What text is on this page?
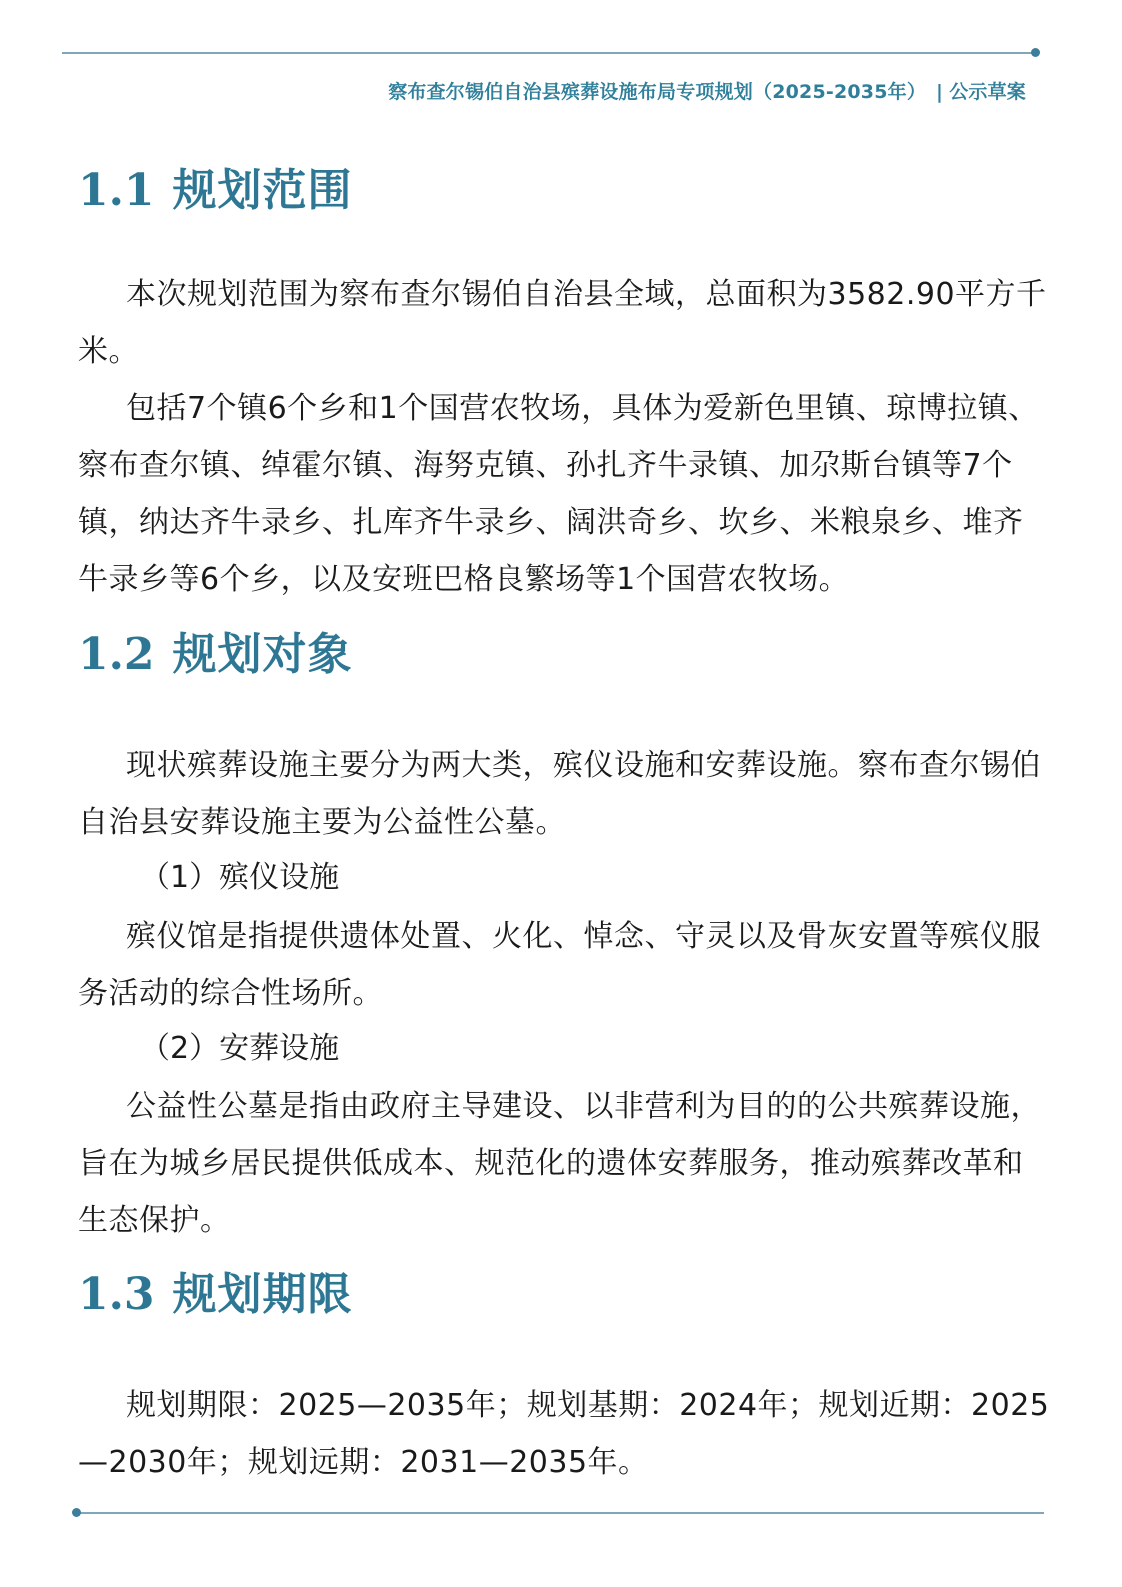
察布查尔锡伯自治县殡葬设施布局专项规划（2025-2035年） | 公示草案
1.1 规划范围

本次规划范围为察布查尔锡伯自治县全域，总面积为3582.90平方千米。

包括7个镇6个乡和1个国营农牧场，具体为爱新色里镇、琼博拉镇、察布查尔镇、绰霍尔镇、海努克镇、孙扎齐牛录镇、加尕斯台镇等7个镇，纳达齐牛录乡、扎库齐牛录乡、阔洪奇乡、坎乡、米粮泉乡、堆齐牛录乡等6个乡，以及安班巴格良繁场等1个国营农牧场。

1.2 规划对象

现状殡葬设施主要分为两大类，殡仪设施和安葬设施。察布查尔锡伯自治县安葬设施主要为公益性公墓。

（1）殡仪设施

殡仪馆是指提供遗体处置、火化、悼念、守灵以及骨灰安置等殡仪服务活动的综合性场所。

（2）安葬设施

公益性公墓是指由政府主导建设、以非营利为目的的公共殡葬设施，旨在为城乡居民提供低成本、规范化的遗体安葬服务，推动殡葬改革和生态保护。

1.3 规划期限

规划期限：2025—2035年；规划基期：2024年；规划近期：2025—2030年；规划远期：2031—2035年。
